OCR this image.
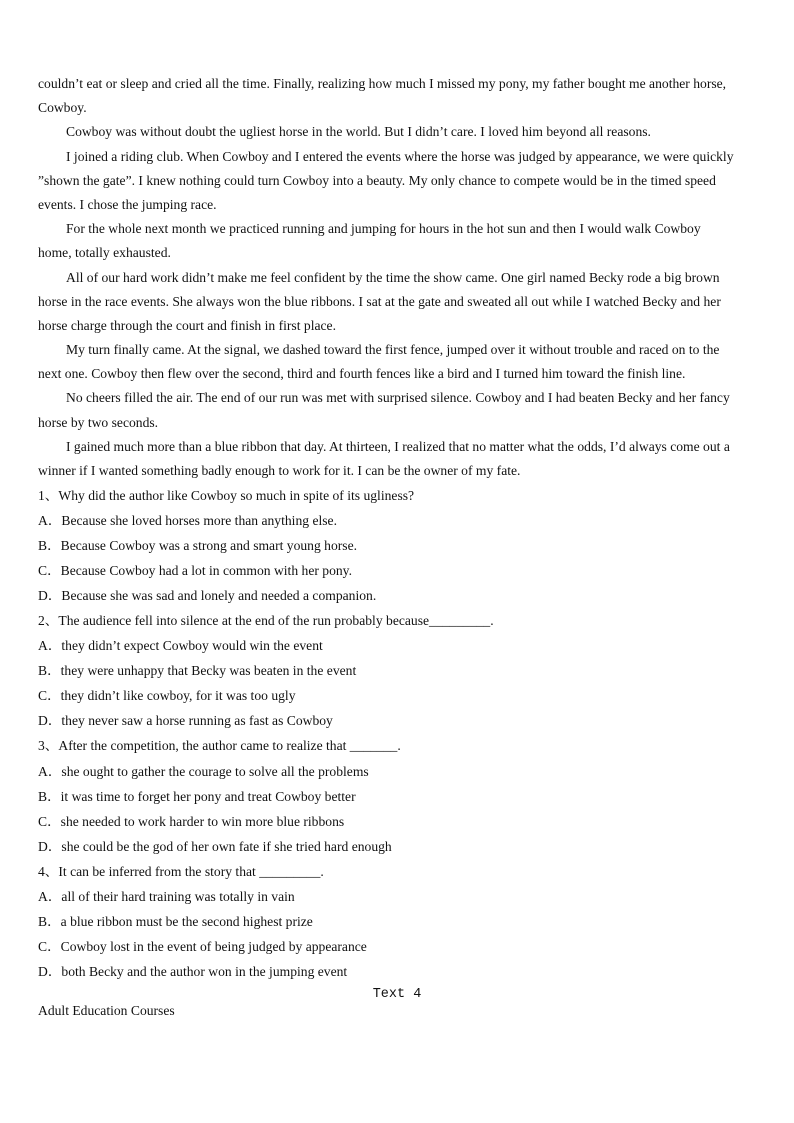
couldn’t eat or sleep and cried all the time. Finally, realizing how much I missed my pony, my father bought me another horse,
Cowboy.
Cowboy was without doubt the ugliest horse in the world. But I didn’t care. I loved him beyond all reasons.
I joined a riding club. When Cowboy and I entered the events where the horse was judged by appearance, we were quickly
”shown the gate”. I knew nothing could turn Cowboy into a beauty. My only chance to compete would be in the timed speed
events. I chose the jumping race.
For the whole next month we practiced running and jumping for hours in the hot sun and then I would walk Cowboy
home, totally exhausted.
All of our hard work didn’t make me feel confident by the time the show came. One girl named Becky rode a big brown
horse in the race events. She always won the blue ribbons. I sat at the gate and sweated all out while I watched Becky and her
horse charge through the court and finish in first place.
My turn finally came. At the signal, we dashed toward the first fence, jumped over it without trouble and raced on to the
next one. Cowboy then flew over the second, third and fourth fences like a bird and I turned him toward the finish line.
No cheers filled the air. The end of our run was met with surprised silence. Cowboy and I had beaten Becky and her fancy
horse by two seconds.
I gained much more than a blue ribbon that day. At thirteen, I realized that no matter what the odds, I’d always come out a
winner if I wanted something badly enough to work for it. I can be the owner of my fate.
1、Why did the author like Cowboy so much in spite of its ugliness?
A．Because she loved horses more than anything else.
B．Because Cowboy was a strong and smart young horse.
C．Because Cowboy had a lot in common with her pony.
D．Because she was sad and lonely and needed a companion.
2、The audience fell into silence at the end of the run probably because_________.
A．they didn’t expect Cowboy would win the event
B．they were unhappy that Becky was beaten in the event
C．they didn’t like cowboy, for it was too ugly
D．they never saw a horse running as fast as Cowboy
3、After the competition, the author came to realize that _______.
A．she ought to gather the courage to solve all the problems
B．it was time to forget her pony and treat Cowboy better
C．she needed to work harder to win more blue ribbons
D．she could be the god of her own fate if she tried hard enough
4、It can be inferred from the story that _________.
A．all of their hard training was totally in vain
B．a blue ribbon must be the second highest prize
C．Cowboy lost in the event of being judged by appearance
D．both Becky and the author won in the jumping event
Text 4
Adult Education Courses
